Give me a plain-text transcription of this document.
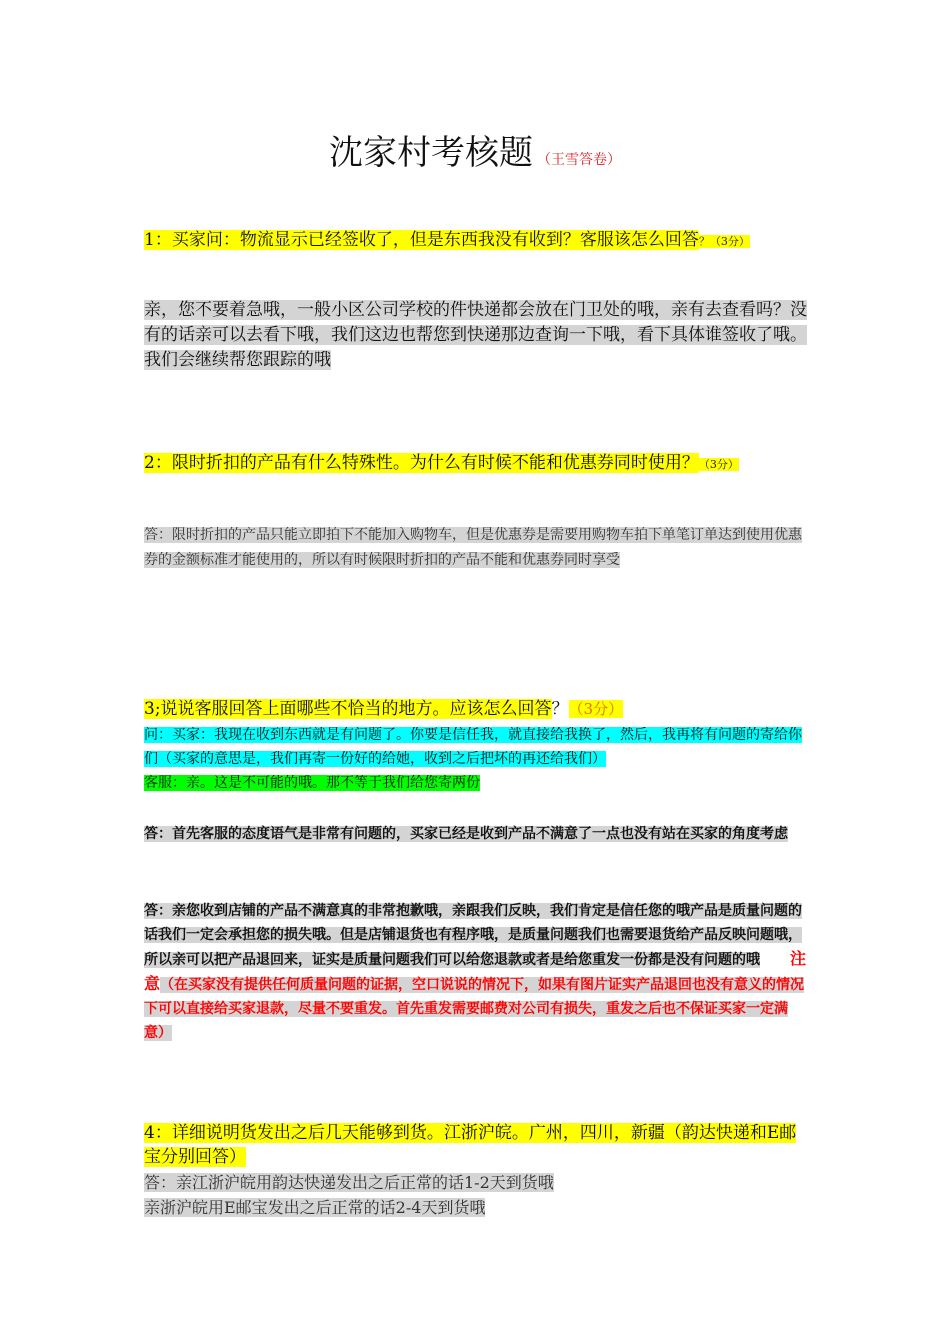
沈家村考核题 （王雪答卷）
1：买家问：物流显示已经签收了，但是东西我没有收到？客服该怎么回答？（3分）
亲，您不要着急哦，一般小区公司学校的件快递都会放在门卫处的哦，亲有去查看吗？没有的话亲可以去看下哦，我们这边也帮您到快递那边查询一下哦，看下具体谁签收了哦。我们会继续帮您跟踪的哦
2：限时折扣的产品有什么特殊性。为什么有时候不能和优惠券同时使用？（3分）
答：限时折扣的产品只能立即拍下不能加入购物车，但是优惠券是需要用购物车拍下单笔订单达到使用优惠券的金额标准才能使用的，所以有时候限时折扣的产品不能和优惠券同时享受
3;说说客服回答上面哪些不恰当的地方。应该怎么回答？（3分）
问：买家：我现在收到东西就是有问题了。你要是信任我，就直接给我换了，然后，我再将有问题的寄给你们（买家的意思是，我们再寄一份好的给她，收到之后把坏的再还给我们）
客服：亲。这是不可能的哦。那不等于我们给您寄两份
答：首先客服的态度语气是非常有问题的，买家已经是收到产品不满意了一点也没有站在买家的角度考虑
答：亲您收到店铺的产品不满意真的非常抱歉哦，亲跟我们反映，我们肯定是信任您的哦产品是质量问题的话我们一定会承担您的损失哦。但是店铺退货也有程序哦，是质量问题我们也需要退货给产品反映问题哦，所以亲可以把产品退回来，证实是质量问题我们可以给您退款或者是给您重发一份都是没有问题的哦 注意（在买家没有提供任何质量问题的证据，空口说说的情况下，如果有图片证实产品退回也没有意义的情况下可以直接给买家退款，尽量不要重发。首先重发需要邮费对公司有损失，重发之后也不保证买家一定满意）
4：详细说明货发出之后几天能够到货。江浙沪皖。广州，四川，新疆（韵达快递和E邮宝分别回答）
答：亲江浙沪皖用韵达快递发出之后正常的话1-2天到货哦
亲浙沪皖用E邮宝发出之后正常的话2-4天到货哦
